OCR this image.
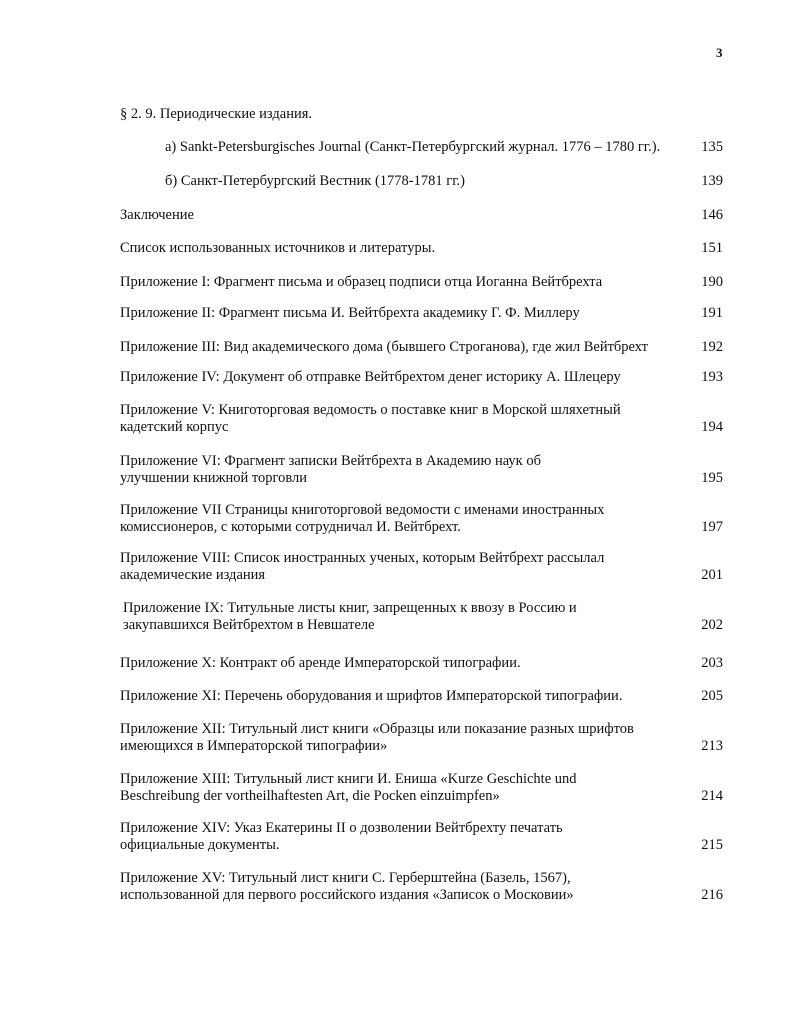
3
§ 2. 9. Периодические издания.
а) Sankt-Petersburgisches Journal (Санкт-Петербургский журнал. 1776 – 1780 гг.).	135
б) Санкт-Петербургский Вестник (1778-1781 гг.)	139
Заключение	146
Список использованных источников и литературы.	151
Приложение I: Фрагмент письма и образец подписи отца Иоганна Вейтбрехта	190
Приложение II: Фрагмент письма И. Вейтбрехта академику Г. Ф. Миллеру	191
Приложение III: Вид академического дома (бывшего Строганова), где жил Вейтбрехт	192
Приложение IV: Документ об отправке Вейтбрехтом денег историку А. Шлецеру	193
Приложение V: Книготорговая ведомость о поставке книг в Морской шляхетный кадетский корпус	194
Приложение VI: Фрагмент записки Вейтбрехта в Академию наук об улучшении книжной торговли	195
Приложение VII Страницы книготорговой ведомости с именами иностранных комиссионеров, с которыми сотрудничал И. Вейтбрехт.	197
Приложение VIII: Список иностранных ученых, которым Вейтбрехт рассылал академические издания	201
Приложение IX: Титульные листы книг, запрещенных к ввозу в Россию и закупавшихся Вейтбрехтом в Невшателе	202
Приложение X: Контракт об аренде Императорской типографии.	203
Приложение XI: Перечень оборудования и шрифтов Императорской типографии.	205
Приложение XII: Титульный лист книги «Образцы или показание разных шрифтов имеющихся в Императорской типографии»	213
Приложение XIII: Титульный лист книги И. Ениша «Kurze Geschichte und Beschreibung der vortheilhaftesten Art, die Pocken einzuimpfen»	214
Приложение XIV: Указ Екатерины II о дозволении Вейтбрехту печатать официальные документы.	215
Приложение XV: Титульный лист книги С. Герберштейна (Базель, 1567), использованной для первого российского издания «Записок о Московии»	216
